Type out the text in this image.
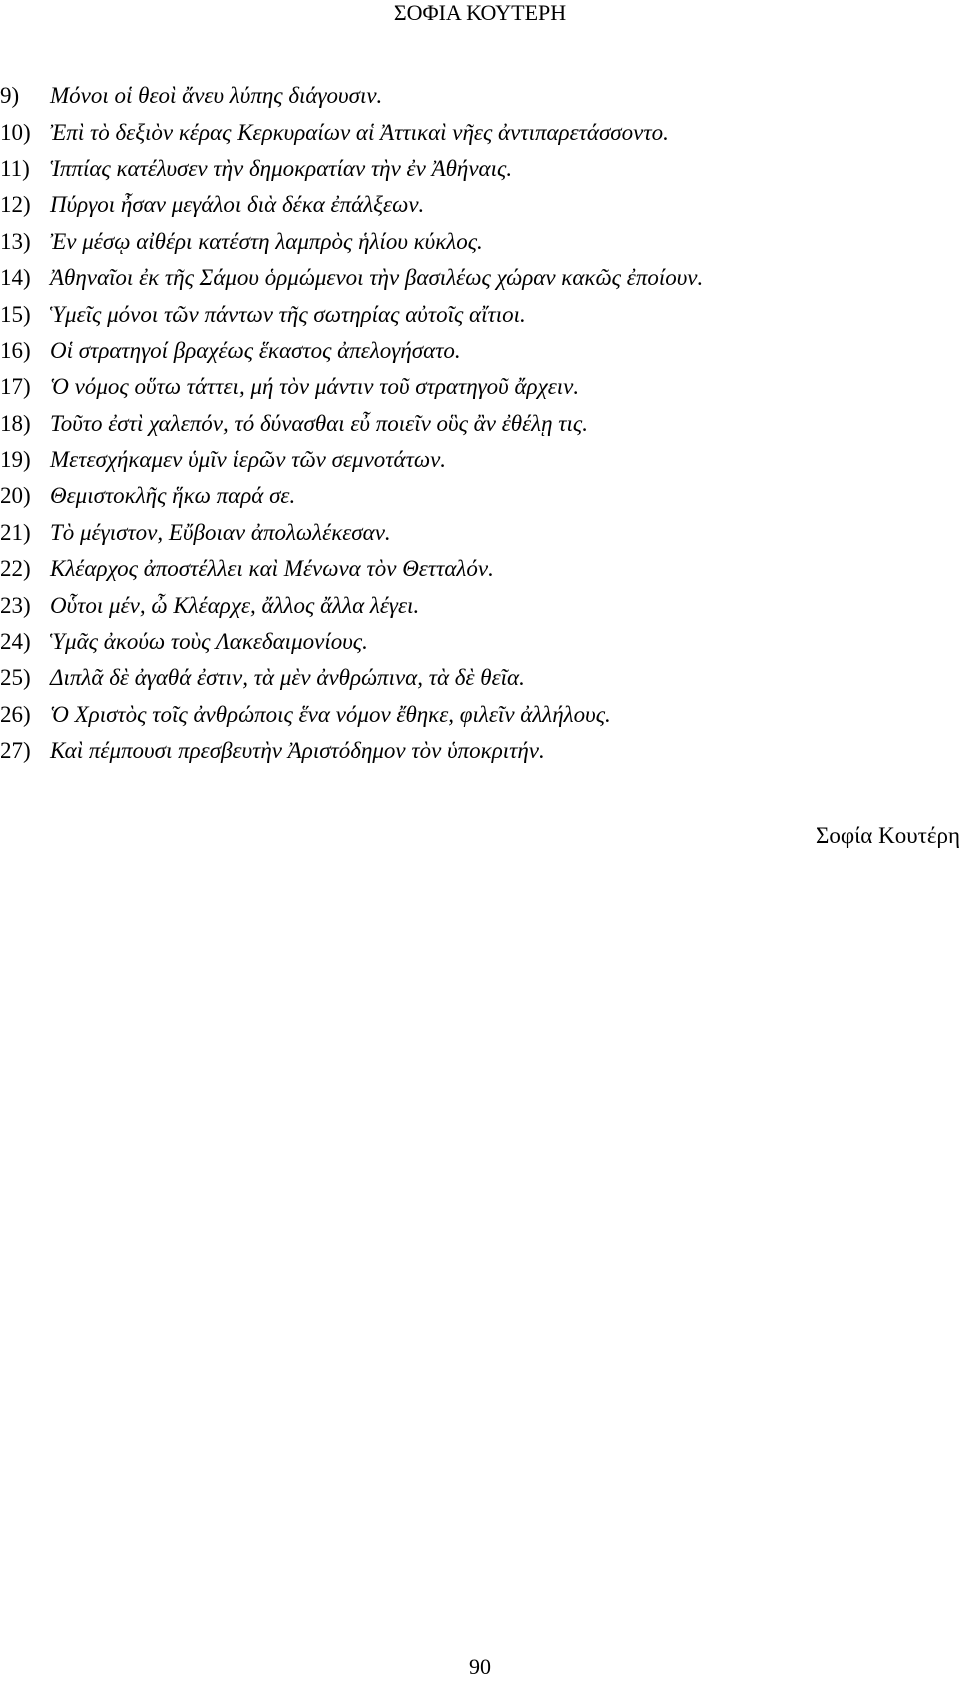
ΣΟΦΙΑ ΚΟΥΤΕΡΗ
9)	Μόνοι οἱ θεοὶ ἄνευ λύπης διάγουσιν.
10) Ἐπὶ τὸ δεξιὸν κέρας Κερκυραίων αἱ Ἀττικαὶ νῆες ἀντιπαρετάσσοντο.
11) Ἱππίας κατέλυσεν τὴν δημοκρατίαν τὴν ἐν Ἀθήναις.
12) Πύργοι ἦσαν μεγάλοι διὰ δέκα ἐπάλξεων.
13) Ἐν μέσῳ αἰθέρι κατέστη λαμπρὸς ἡλίου κύκλος.
14) Ἀθηναῖοι ἐκ τῆς Σάμου ὁρμώμενοι τὴν βασιλέως χώραν κακῶς ἐποίουν.
15) Ὑμεῖς μόνοι τῶν πάντων τῆς σωτηρίας αὐτοῖς αἴτιοι.
16) Οἱ στρατηγοί βραχέως ἕκαστος ἀπελογήσατο.
17) Ὁ νόμος οὕτω τάττει, μή τὸν μάντιν τοῦ στρατηγοῦ ἄρχειν.
18) Τοῦτο ἐστὶ χαλεπόν, τό δύνασθαι εὖ ποιεῖν οὓς ἂν ἐθέλῃ τις.
19) Μετεσχήκαμεν ὑμῖν ἱερῶν τῶν σεμνοτάτων.
20) Θεμιστοκλῆς ἥκω παρά σε.
21) Τὸ μέγιστον, Εὔβοιαν ἀπολωλέκεσαν.
22) Κλέαρχος ἀποστέλλει καὶ Μένωνα τὸν Θετταλόν.
23) Οὗτοι μέν, ὦ Κλέαρχε, ἄλλος ἄλλα λέγει.
24) Ὑμᾶς ἀκούω τοὺς Λακεδαιμονίους.
25) Διπλᾶ δὲ ἀγαθά ἐστιν, τὰ μὲν ἀνθρώπινα, τὰ δὲ θεῖα.
26) Ὁ Χριστὸς τοῖς ἀνθρώποις ἕνα νόμον ἔθηκε, φιλεῖν ἀλλήλους.
27) Καὶ πέμπουσι πρεσβευτὴν Ἀριστόδημον τὸν ὑποκριτήν.
Σοφία Κουτέρη
90
